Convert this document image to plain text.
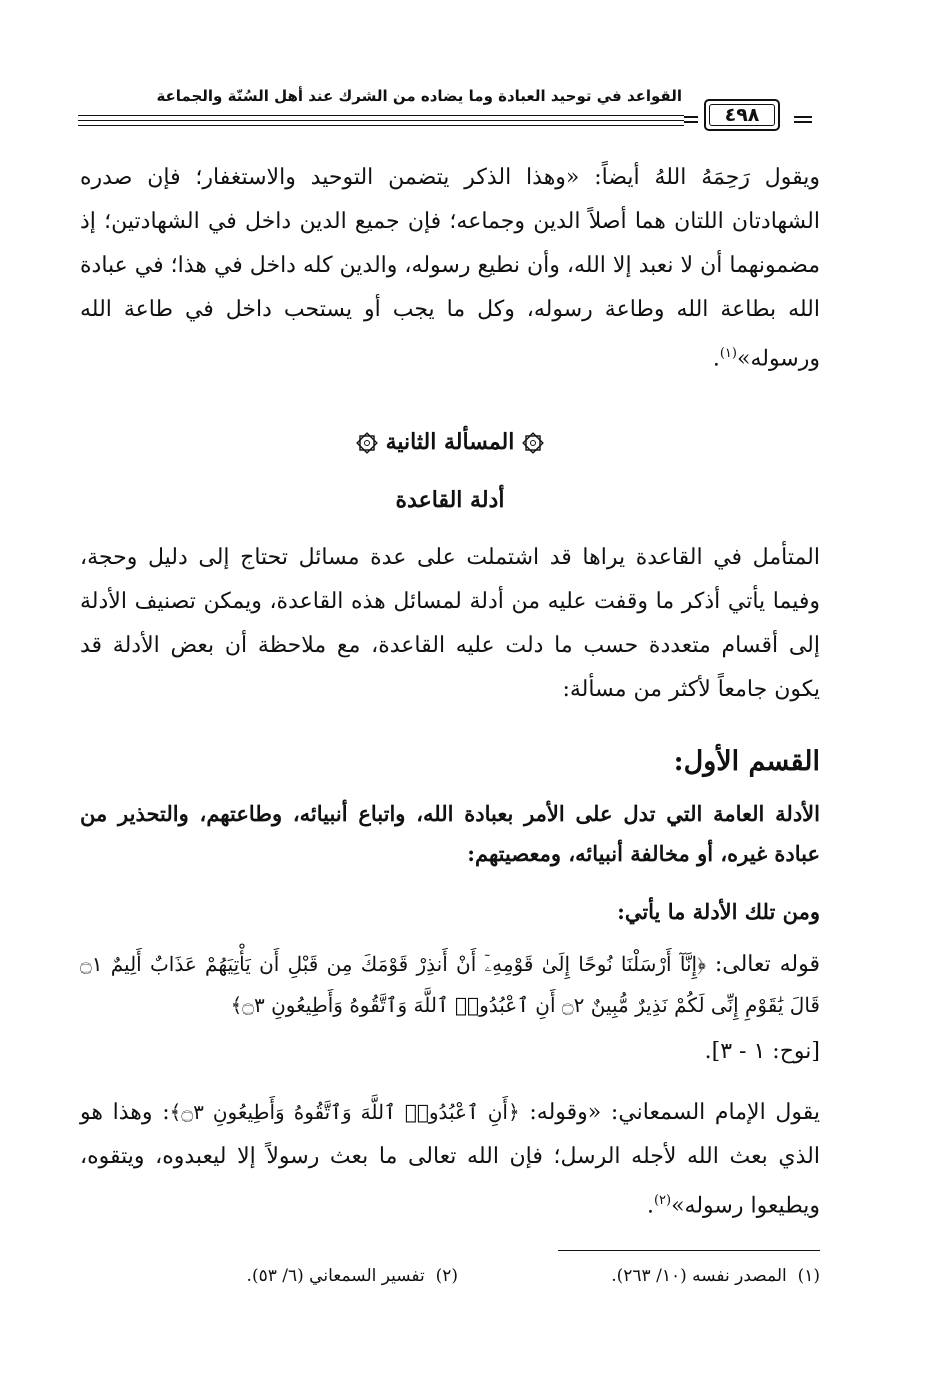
القواعد في توحيد العبادة وما يضاده من الشرك عند أهل السُنّة والجماعة
٤٩٨
ويقول رَحِمَهُ اللهُ أيضاً: «وهذا الذكر يتضمن التوحيد والاستغفار؛ فإن صدره الشهادتان اللتان هما أصلاً الدين وجماعه؛ فإن جميع الدين داخل في الشهادتين؛ إذ مضمونهما أن لا نعبد إلا الله، وأن نطيع رسوله، والدين كله داخل في هذا؛ في عبادة الله بطاعة الله وطاعة رسوله، وكل ما يجب أو يستحب داخل في طاعة الله ورسوله»$^{(١)}$.
المسألة الثانية
أدلة القاعدة
المتأمل في القاعدة يراها قد اشتملت على عدة مسائل تحتاج إلى دليل وحجة، وفيما يأتي أذكر ما وقفت عليه من أدلة لمسائل هذه القاعدة، ويمكن تصنيف الأدلة إلى أقسام متعددة حسب ما دلت عليه القاعدة، مع ملاحظة أن بعض الأدلة قد يكون جامعاً لأكثر من مسألة:
القسم الأول:
الأدلة العامة التي تدل على الأمر بعبادة الله، واتباع أنبيائه، وطاعتهم، والتحذير من عبادة غيره، أو مخالفة أنبيائه، ومعصيتهم:
ومن تلك الأدلة ما يأتي:
قوله تعالى: ﴿إِنَّآ أَرْسَلْنَا نُوحًا إِلَىٰ قَوْمِهِۦٓ أَنْ أَنذِرْ قَوْمَكَ مِن قَبْلِ أَن يَأْتِيَهُمْ عَذَابٌ أَلِيمٌ ۝١ قَالَ يَٰقَوْمِ إِنِّى لَكُمْ نَذِيرٌ مُّبِينٌ ۝٢ أَنِ ٱعْبُدُوا۟ ٱللَّهَ وَٱتَّقُوهُ وَأَطِيعُونِ ۝٣﴾
[نوح: ١ - ٣].
يقول الإمام السمعاني: «وقوله: ﴿أَنِ ٱعْبُدُوا۟ ٱللَّهَ وَٱتَّقُوهُ وَأَطِيعُونِ ۝٣﴾: وهذا هو الذي بعث الله لأجله الرسل؛ فإن الله تعالى ما بعث رسولاً إلا ليعبدوه، ويتقوه، ويطيعوا رسوله»$^{(٢)}$.
(١)  المصدر نفسه (١٠/ ٢٦٣).
(٢)  تفسير السمعاني (٦/ ٥٣).
